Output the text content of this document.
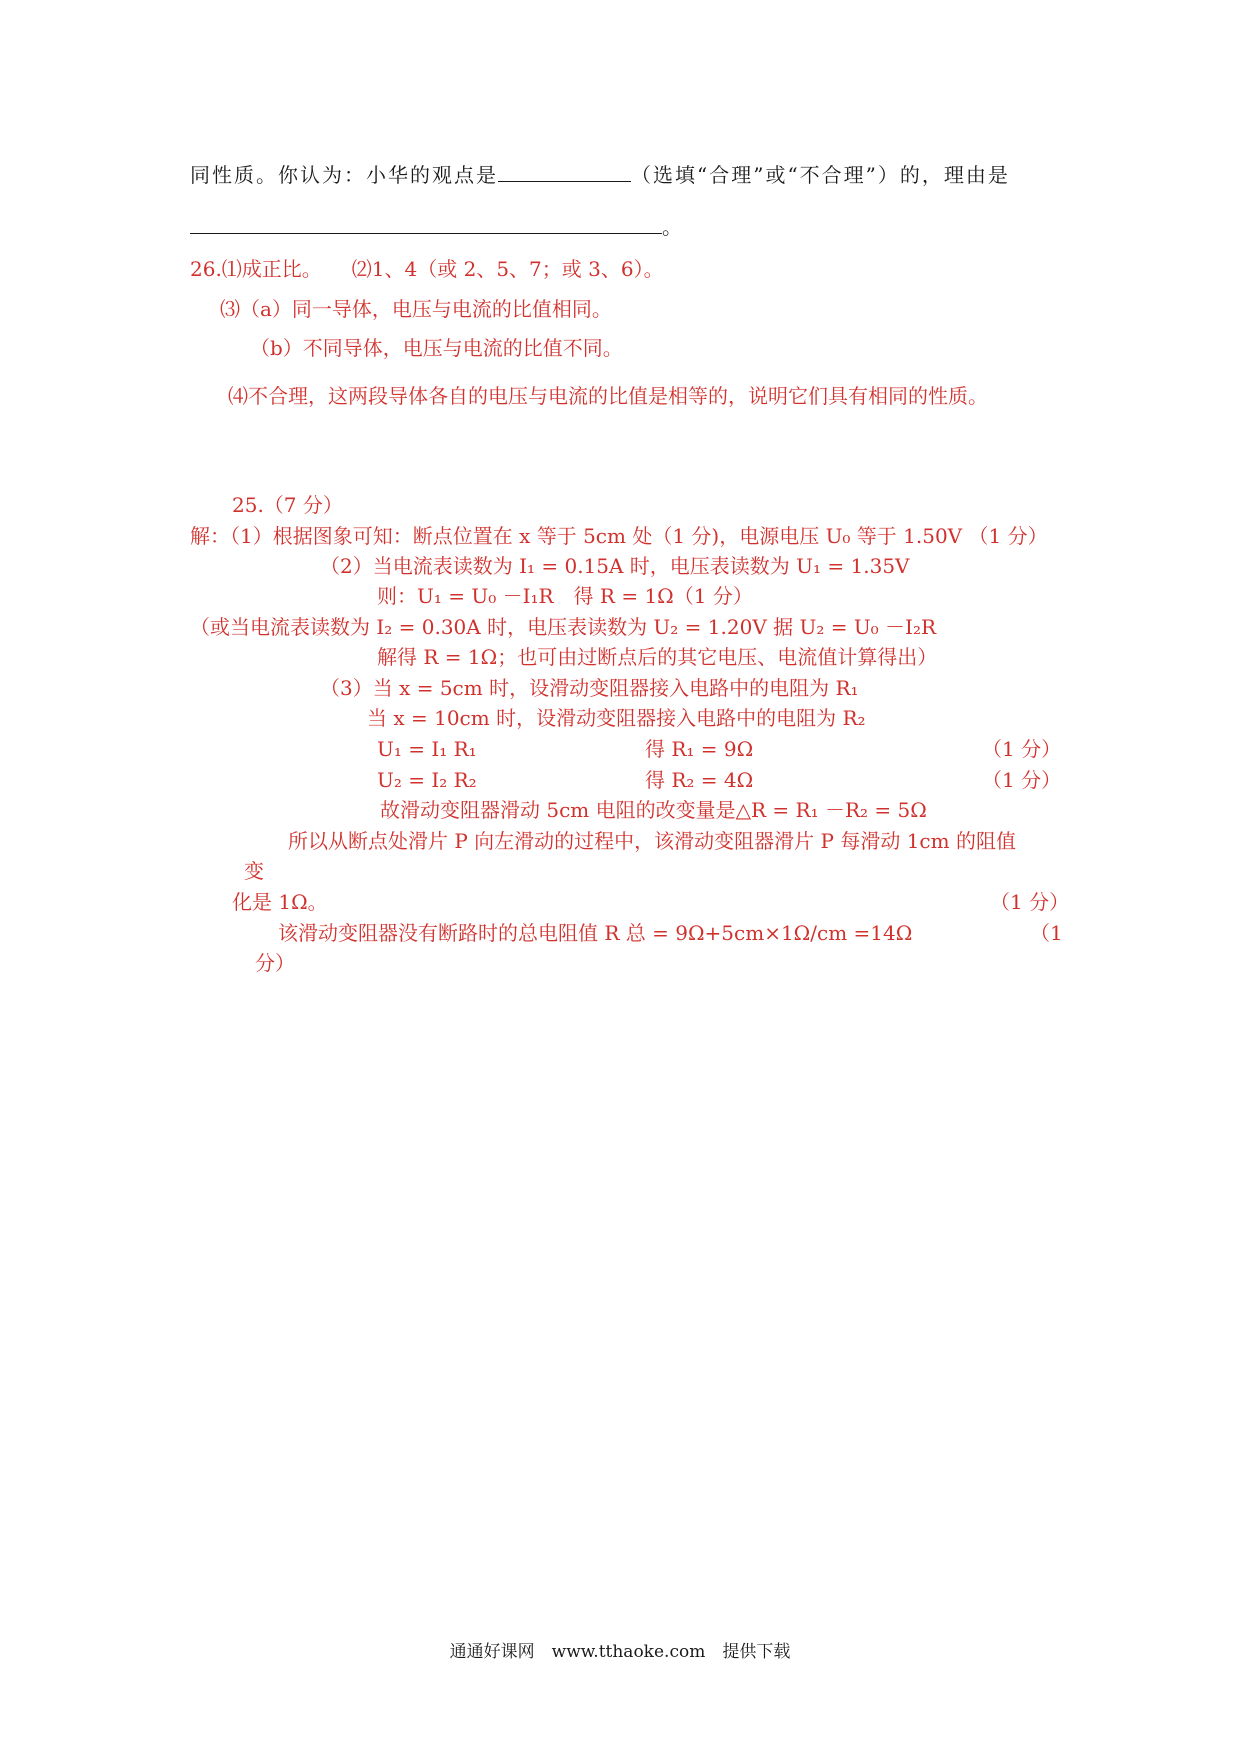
同性质。你认为：小华的观点是	（选填“合理”或“不合理”）的，理由是
。
26.⑴成正比。　　⑵1、4（或 2、5、7；或 3、6）。
⑶（a）同一导体，电压与电流的比值相同。
（b）不同导体，电压与电流的比值不同。
⑷不合理，这两段导体各自的电压与电流的比值是相等的，说明它们具有相同的性质。
25.（7 分）
解：（1）根据图象可知：断点位置在 x 等于 5cm 处（1 分)，电源电压 U₀ 等于 1.50V （1 分）
（2）当电流表读数为 I₁ = 0.15A 时，电压表读数为 U₁ = 1.35V
则：U₁ = U₀ －I₁R　得 R = 1Ω（1 分）
（或当电流表读数为 I₂ = 0.30A 时，电压表读数为 U₂ = 1.20V 据 U₂ = U₀ －I₂R
解得 R = 1Ω；也可由过断点后的其它电压、电流值计算得出）
（3）当 x = 5cm 时，设滑动变阻器接入电路中的电阻为 R₁
当 x = 10cm 时，设滑动变阻器接入电路中的电阻为 R₂
U₁ = I₁ R₁	得 R₁ = 9Ω	（1 分）
U₂ = I₂ R₂	得 R₂ = 4Ω	（1 分）
故滑动变阻器滑动 5cm 电阻的改变量是△R = R₁ －R₂ = 5Ω
所以从断点处滑片 P 向左滑动的过程中，该滑动变阻器滑片 P 每滑动 1cm 的阻值
变
化是 1Ω。	（1 分）
该滑动变阻器没有断路时的总电阻值 R 总 = 9Ω+5cm×1Ω/cm =14Ω	（1
分）
通通好课网　www.tthaoke.com　提供下载
